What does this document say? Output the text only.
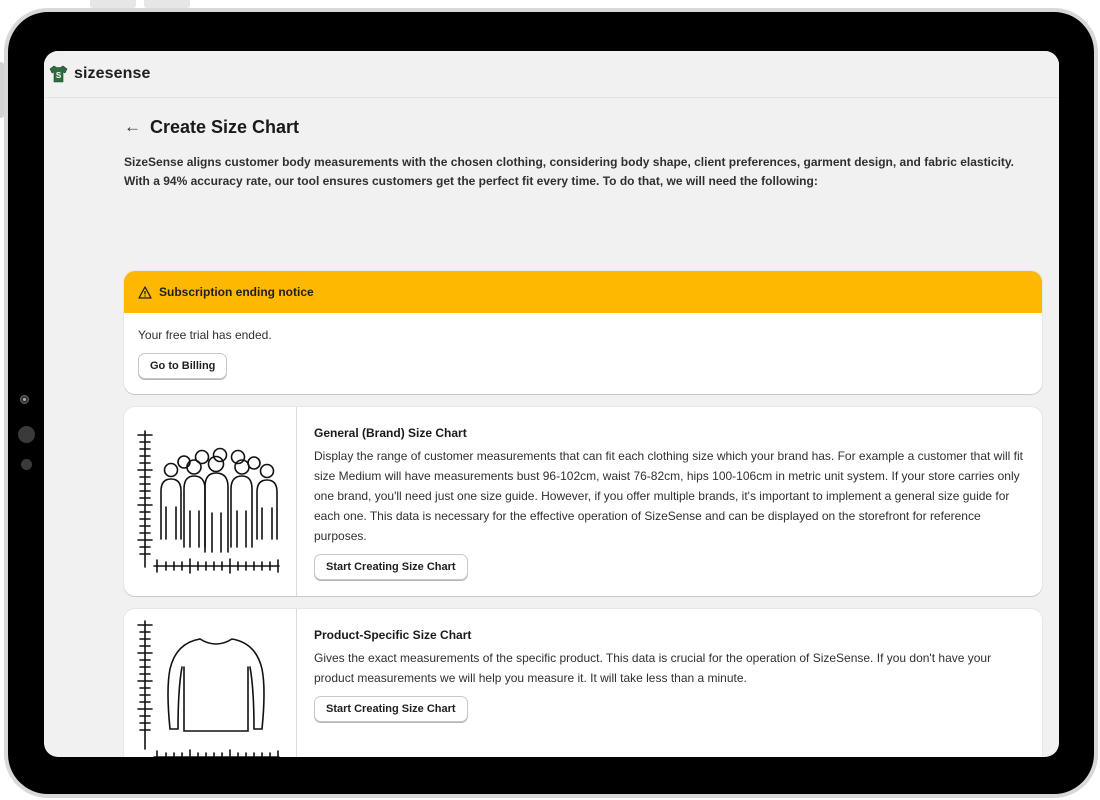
S sizesense
← Create Size Chart
SizeSense aligns customer body measurements with the chosen clothing, considering body shape, client preferences, garment design, and fabric elasticity. With a 94% accuracy rate, our tool ensures customers get the perfect fit every time. To do that, we will need the following:
Subscription ending notice
Your free trial has ended.
Go to Billing
General (Brand) Size Chart
Display the range of customer measurements that can fit each clothing size which your brand has. For example a customer that will fit size Medium will have measurements bust 96-102cm, waist 76-82cm, hips 100-106cm in metric unit system. If your store carries only one brand, you'll need just one size guide. However, if you offer multiple brands, it's important to implement a general size guide for each one. This data is necessary for the effective operation of SizeSense and can be displayed on the storefront for reference purposes.
Start Creating Size Chart
Product-Specific Size Chart
Gives the exact measurements of the specific product. This data is crucial for the operation of SizeSense. If you don't have your product measurements we will help you measure it. It will take less than a minute.
Start Creating Size Chart
